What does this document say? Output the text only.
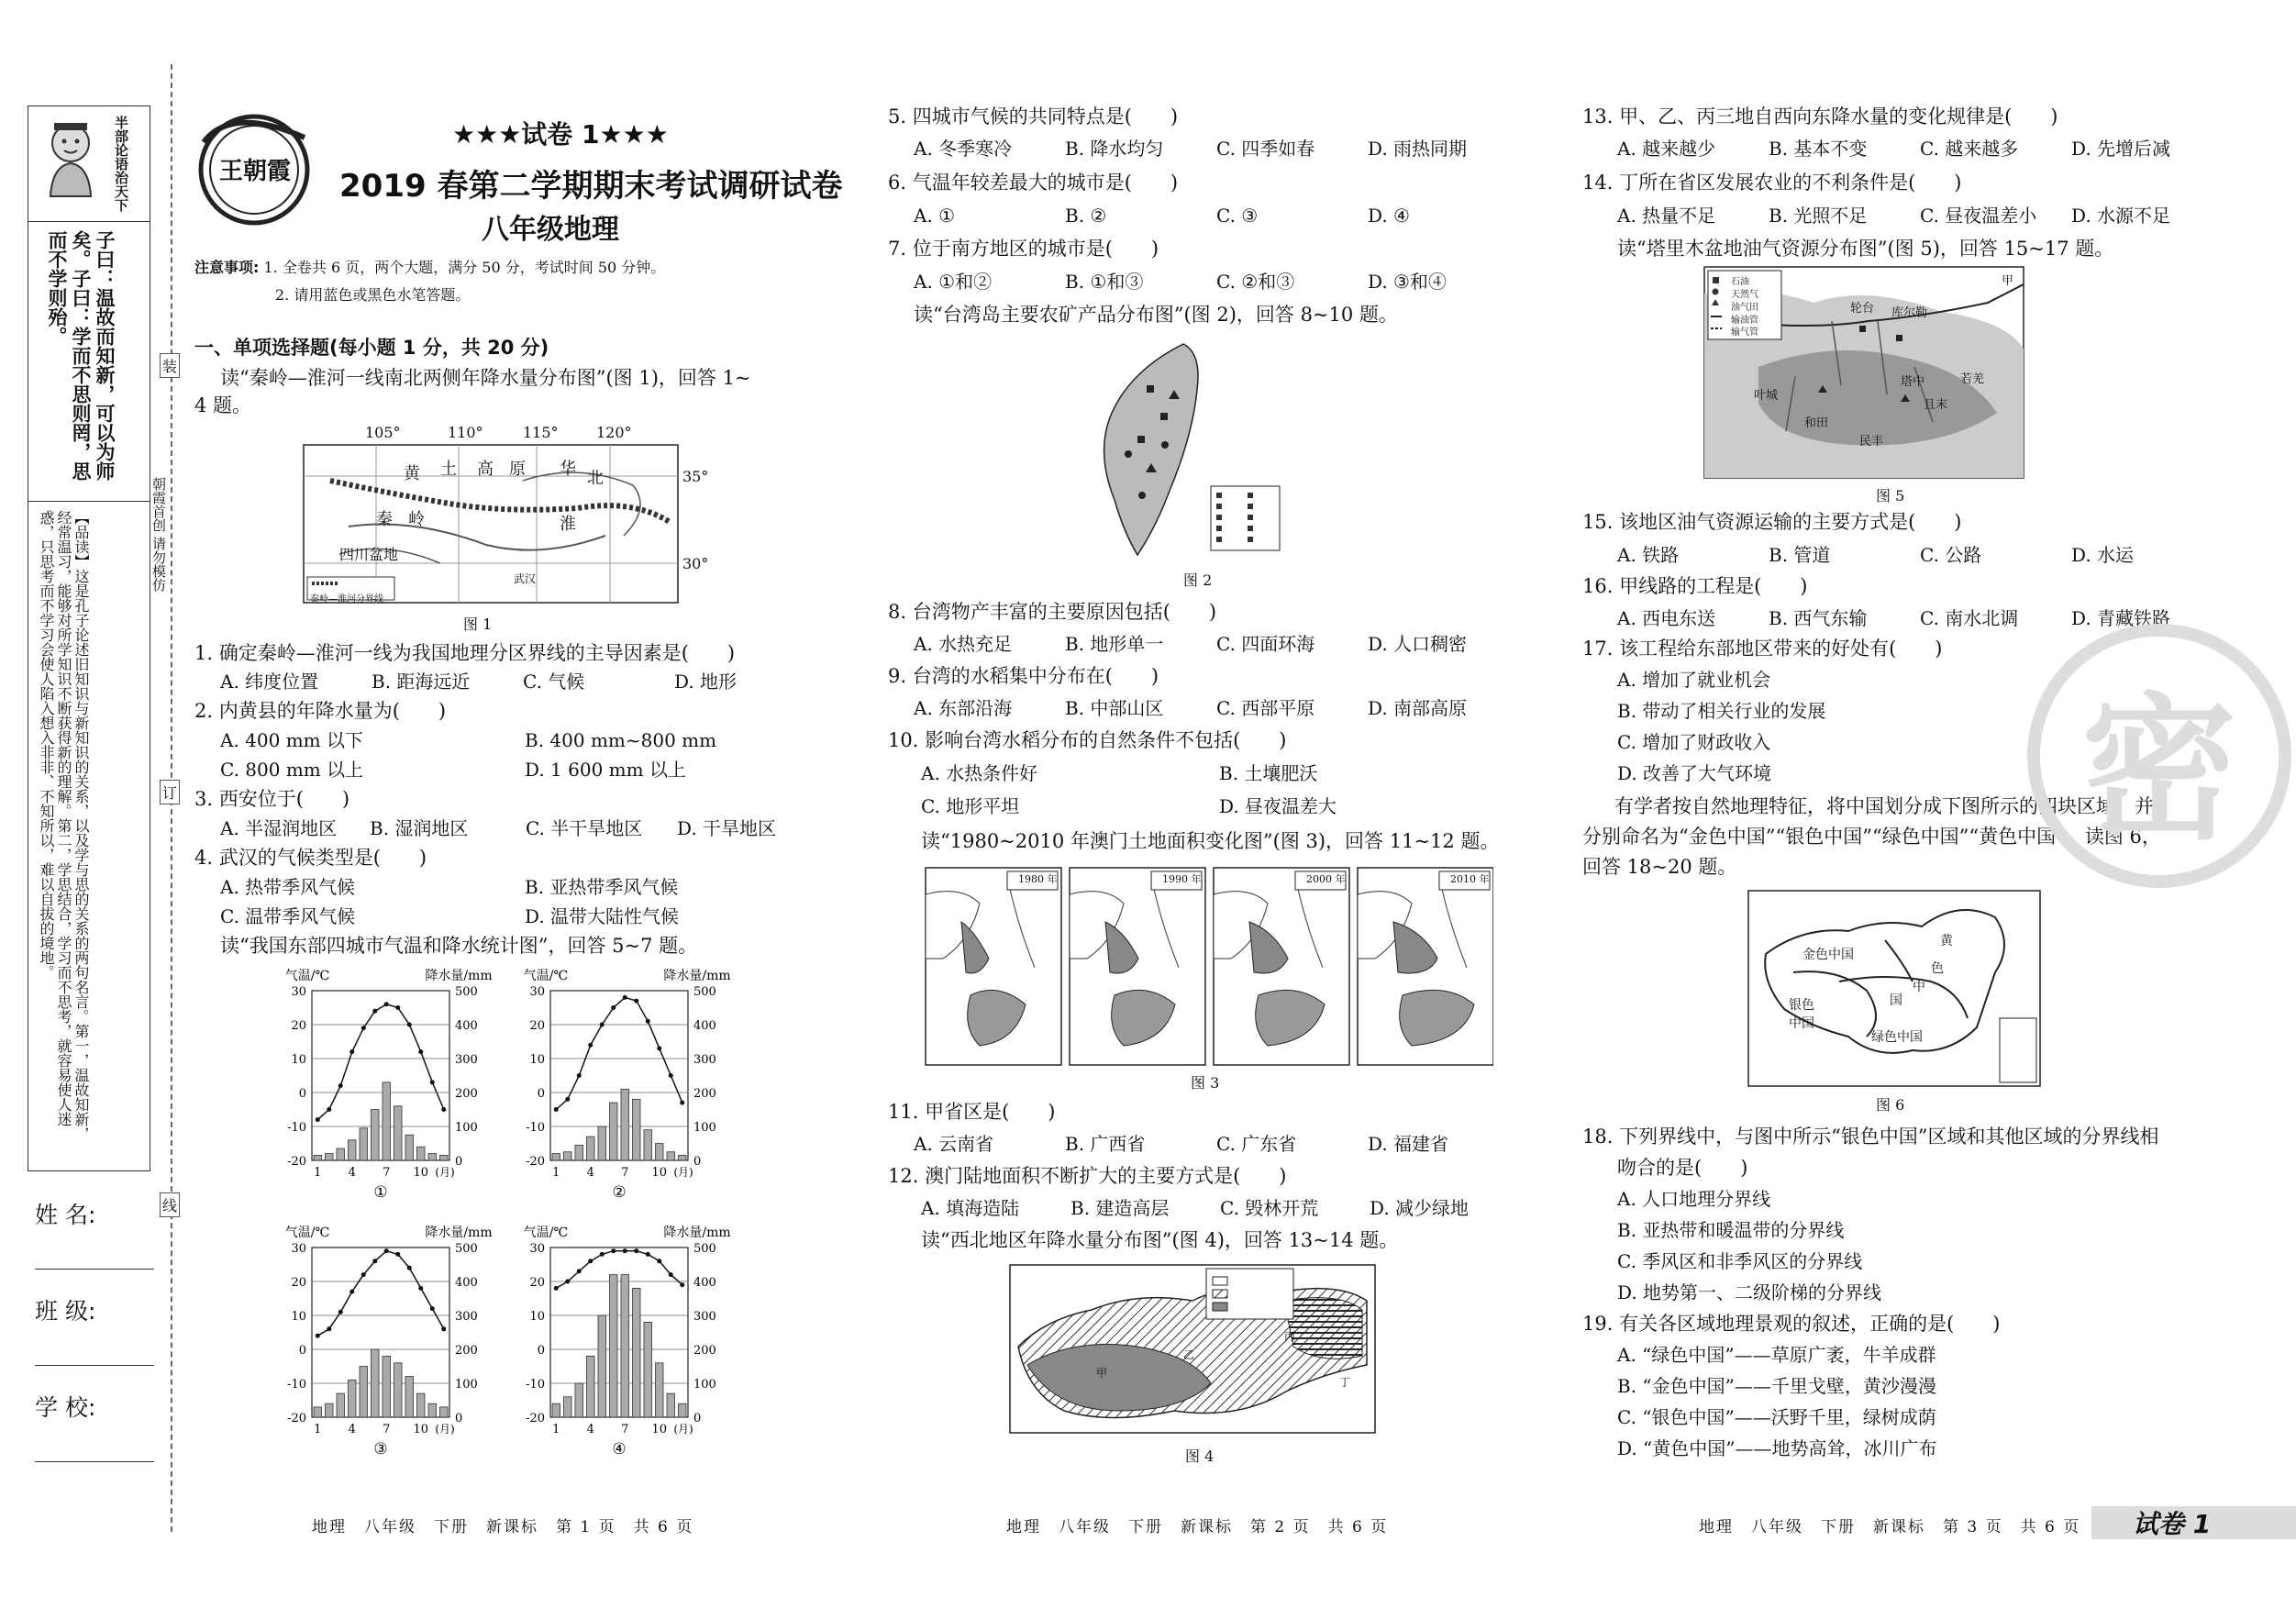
半部论语治天下
子曰：温故而知新，可以为师矣。子曰：学而不思则罔，思而不学则殆。
【品读】这是孔子论述旧知识与新知识的关系，以及学与思的关系的两句名言。第一，温故知新，经常温习，能够对所学知识不断获得新的理解。第二，学思结合，学习而不思考，就容易使人迷惑，只思考而不学习会使人陷入想入非非、不知所以，难以自拔的境地。
姓 名:
班 级:
学 校:
装
订
线
朝霞首创 请勿模仿
王朝霞
★★★试卷 1★★★
2019 春第二学期期末考试调研试卷
八年级地理
注意事项: 1. 全卷共 6 页，两个大题，满分 50 分，考试时间 50 分钟。
2. 请用蓝色或黑色水笔答题。
一、单项选择题(每小题 1 分，共 20 分)
读“秦岭—淮河一线南北两侧年降水量分布图”(图 1)，回答 1~
4 题。
105°	110°	115°	120°
黄 土 高 原 华 北
秦 岭	淮
四川盆地
武汉
秦岭—淮河分界线
35°
30°
图 1
1. 确定秦岭—淮河一线为我国地理分区界线的主导因素是(　　)
A. 纬度位置	B. 距海远近	C. 气候	D. 地形
2. 内黄县的年降水量为(　　)
A. 400 mm 以下	B. 400 mm~800 mm
C. 800 mm 以上	D. 1 600 mm 以上
3. 西安位于(　　)
A. 半湿润地区	B. 湿润地区	C. 半干旱地区	D. 干旱地区
4. 武汉的气候类型是(　　)
A. 热带季风气候	B. 亚热带季风气候
C. 温带季风气候	D. 温带大陆性气候
读“我国东部四城市气温和降水统计图”，回答 5~7 题。
气温/℃	降水量/mm
30	500
20	400
10	300
0	200
-10	100
-20	0
1 4 7 10 (月)
①
气温/℃	降水量/mm
30	500
20	400
10	300
0	200
-10	100
-20	0
1 4 7 10 (月)
②
气温/℃	降水量/mm
30	500
20	400
10	300
0	200
-10	100
-20	0
1 4 7 10 (月)
③
气温/℃	降水量/mm
30	500
20	400
10	300
0	200
-10	100
-20	0
1 4 7 10 (月)
④
地理　八年级　下册　新课标　第 1 页　共 6 页
5. 四城市气候的共同特点是(　　)
A. 冬季寒冷	B. 降水均匀	C. 四季如春	D. 雨热同期
6. 气温年较差最大的城市是(　　)
A. ①	B. ②	C. ③	D. ④
7. 位于南方地区的城市是(　　)
A. ①和②	B. ①和③	C. ②和③	D. ③和④
读“台湾岛主要农矿产品分布图”(图 2)，回答 8~10 题。
图 2
8. 台湾物产丰富的主要原因包括(　　)
A. 水热充足	B. 地形单一	C. 四面环海	D. 人口稠密
9. 台湾的水稻集中分布在(　　)
A. 东部沿海	B. 中部山区	C. 西部平原	D. 南部高原
10. 影响台湾水稻分布的自然条件不包括(　　)
A. 水热条件好	B. 土壤肥沃
C. 地形平坦	D. 昼夜温差大
读“1980~2010 年澳门土地面积变化图”(图 3)，回答 11~12 题。
1980 年	1990 年	2000 年	2010 年
图 3
11. 甲省区是(　　)
A. 云南省	B. 广西省	C. 广东省	D. 福建省
12. 澳门陆地面积不断扩大的主要方式是(　　)
A. 填海造陆	B. 建造高层	C. 毁林开荒	D. 减少绿地
读“西北地区年降水量分布图”(图 4)，回答 13~14 题。
甲
乙
丙
丁
图 4
地理　八年级　下册　新课标　第 2 页　共 6 页
13. 甲、乙、丙三地自西向东降水量的变化规律是(　　)
A. 越来越少	B. 基本不变	C. 越来越多	D. 先增后减
14. 丁所在省区发展农业的不利条件是(　　)
A. 热量不足	B. 光照不足	C. 昼夜温差小	D. 水源不足
读“塔里木盆地油气资源分布图”(图 5)，回答 15~17 题。
石油
天然气
油气田
输油管
输气管
轮台 库尔勒
甲
塔中
叶城
和田
民丰
若羌
且末
图 5
15. 该地区油气资源运输的主要方式是(　　)
A. 铁路	B. 管道	C. 公路	D. 水运
16. 甲线路的工程是(　　)
A. 西电东送	B. 西气东输	C. 南水北调	D. 青藏铁路
17. 该工程给东部地区带来的好处有(　　)
A. 增加了就业机会
B. 带动了相关行业的发展
C. 增加了财政收入
D. 改善了大气环境
有学者按自然地理特征，将中国划分成下图所示的四块区域，并
分别命名为“金色中国”“银色中国”“绿色中国”“黄色中国”。读图 6，
回答 18~20 题。
金色中国
银色中国
绿色中国
黄
色
中
国
图 6
18. 下列界线中，与图中所示“银色中国”区域和其他区域的分界线相
吻合的是(　　)
A. 人口地理分界线
B. 亚热带和暖温带的分界线
C. 季风区和非季风区的分界线
D. 地势第一、二级阶梯的分界线
19. 有关各区域地理景观的叙述，正确的是(　　)
A. “绿色中国”——草原广袤，牛羊成群
B. “金色中国”——千里戈壁，黄沙漫漫
C. “银色中国”——沃野千里，绿树成荫
D. “黄色中国”——地势高耸，冰川广布
密
地理　八年级　下册　新课标　第 3 页　共 6 页 试卷 1
